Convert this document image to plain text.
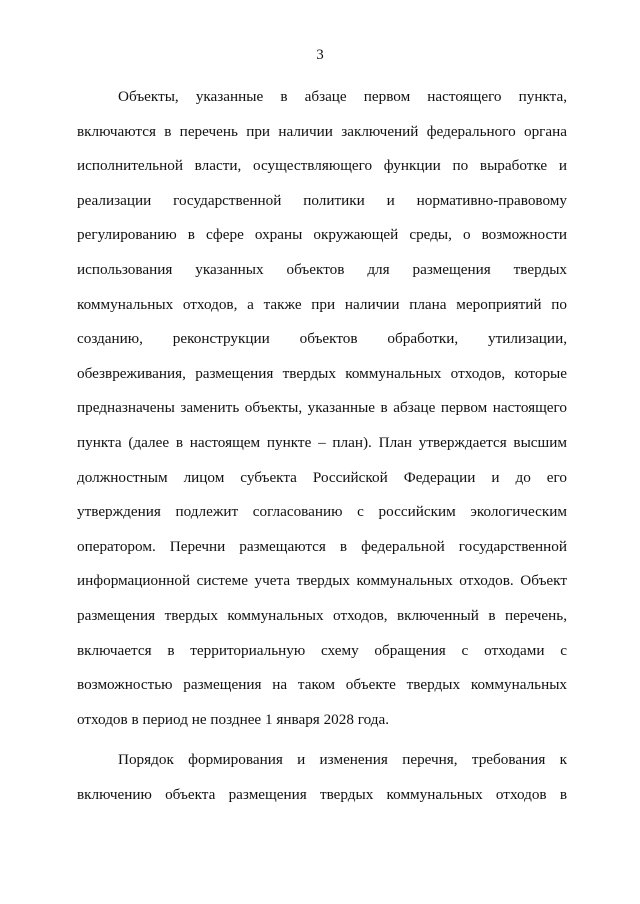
3
Объекты, указанные в абзаце первом настоящего пункта,
включаются в перечень при наличии заключений федерального органа
исполнительной власти, осуществляющего функции по выработке и
реализации государственной политики и нормативно-правовому
регулированию в сфере охраны окружающей среды, о возможности
использования указанных объектов для размещения твердых
коммунальных отходов, а также при наличии плана мероприятий по
созданию, реконструкции объектов обработки, утилизации,
обезвреживания, размещения твердых коммунальных отходов, которые
предназначены заменить объекты, указанные в абзаце первом настоящего
пункта (далее в настоящем пункте – план). План утверждается высшим
должностным лицом субъекта Российской Федерации и до его
утверждения подлежит согласованию с российским экологическим
оператором. Перечни размещаются в федеральной государственной
информационной системе учета твердых коммунальных отходов. Объект
размещения твердых коммунальных отходов, включенный в перечень,
включается в территориальную схему обращения с отходами с
возможностью размещения на таком объекте твердых коммунальных
отходов в период не позднее 1 января 2028 года.
Порядок формирования и изменения перечня, требования к
включению объекта размещения твердых коммунальных отходов в
